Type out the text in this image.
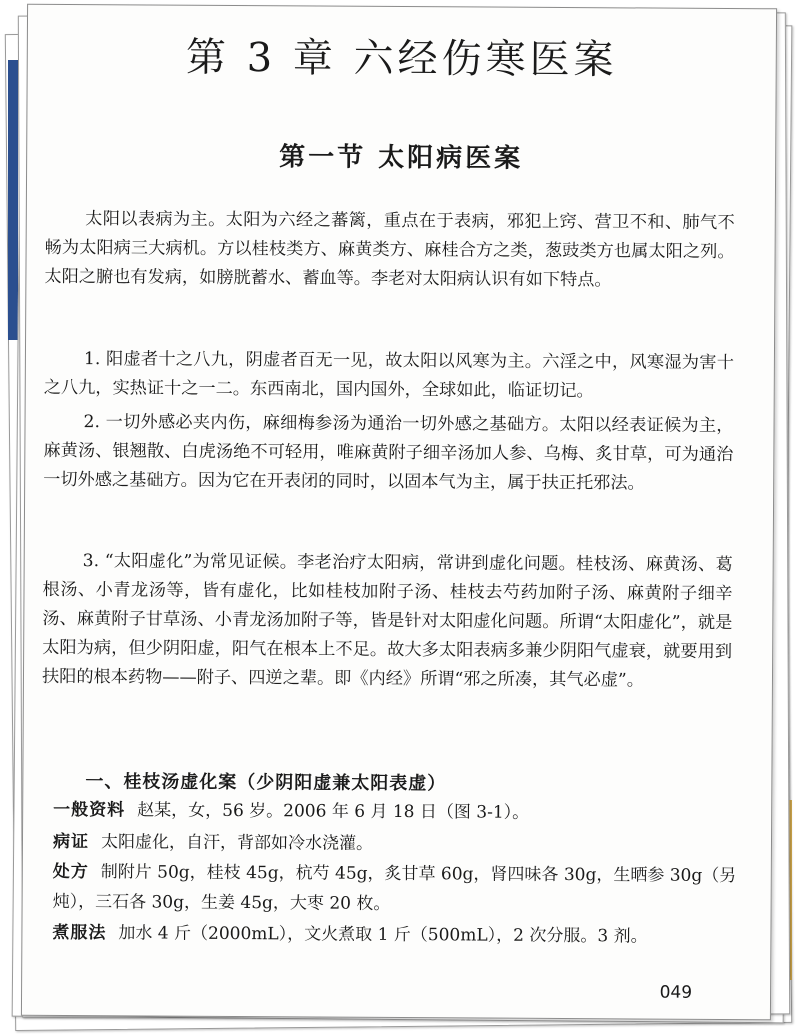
第 3 章 六经伤寒医案
第一节 太阳病医案

太阳以表病为主。太阳为六经之蕃篱，重点在于表病，邪犯上窍、营卫不和、肺气不畅为太阳病三大病机。方以桂枝类方、麻黄类方、麻桂合方之类，葱豉类方也属太阳之列。太阳之腑也有发病，如膀胱蓄水、蓄血等。李老对太阳病认识有如下特点。

1. 阳虚者十之八九，阴虚者百无一见，故太阳以风寒为主。六淫之中，风寒湿为害十之八九，实热证十之一二。东西南北，国内国外，全球如此，临证切记。

2. 一切外感必夹内伤，麻细梅参汤为通治一切外感之基础方。太阳以经表证候为主，麻黄汤、银翘散、白虎汤绝不可轻用，唯麻黄附子细辛汤加人参、乌梅、炙甘草，可为通治一切外感之基础方。因为它在开表闭的同时，以固本气为主，属于扶正托邪法。

3. “太阳虚化”为常见证候。李老治疗太阳病，常讲到虚化问题。桂枝汤、麻黄汤、葛根汤、小青龙汤等，皆有虚化，比如桂枝加附子汤、桂枝去芍药加附子汤、麻黄附子细辛汤、麻黄附子甘草汤、小青龙汤加附子等，皆是针对太阳虚化问题。所谓“太阳虚化”，就是太阳为病，但少阴阳虚，阳气在根本上不足。故大多太阳表病多兼少阴阳气虚衰，就要用到扶阳的根本药物——附子、四逆之辈。即《内经》所谓“邪之所凑，其气必虚”。

一、桂枝汤虚化案（少阴阳虚兼太阳表虚）

一般资料 赵某，女，56 岁。2006 年 6 月 18 日（图 3-1）。

病证 太阳虚化，自汗，背部如冷水浇灌。

处方 制附片 50g，桂枝 45g，杭芍 45g，炙甘草 60g，肾四味各 30g，生晒参 30g（另炖），三石各 30g，生姜 45g，大枣 20 枚。

煮服法 加水 4 斤（2000mL），文火煮取 1 斤（500mL），2 次分服。3 剂。

049
